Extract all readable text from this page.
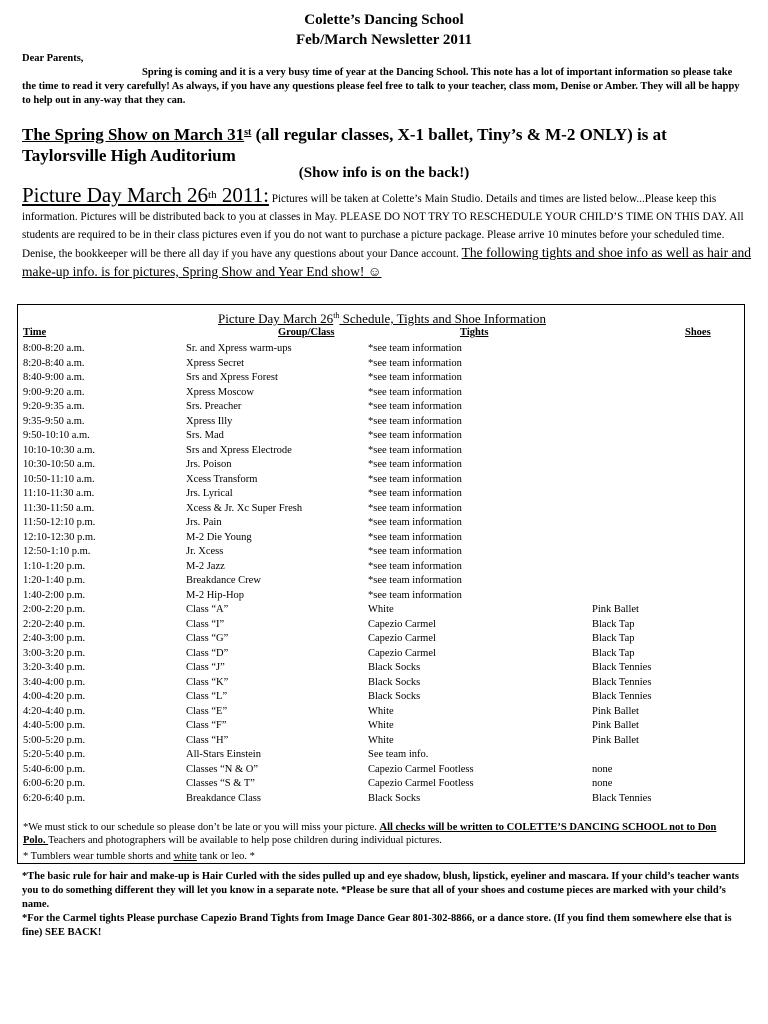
Colette’s Dancing School
Feb/March Newsletter 2011
Dear Parents,
Spring is coming and it is a very busy time of year at the Dancing School. This note has a lot of important information so please take the time to read it very carefully! As always, if you have any questions please feel free to talk to your teacher, class mom, Denise or Amber. They will all be happy to help out in any-way that they can.
The Spring Show on March 31st (all regular classes, X-1 ballet, Tiny’s & M-2 ONLY) is at Taylorsville High Auditorium
(Show info is on the back!)
Picture Day March 26th 2011: Pictures will be taken at Colette’s Main Studio. Details and times are listed below...Please keep this information. Pictures will be distributed back to you at classes in May. PLEASE DO NOT TRY TO RESCHEDULE YOUR CHILD’S TIME ON THIS DAY. All students are required to be in their class pictures even if you do not want to purchase a picture package. Please arrive 10 minutes before your scheduled time. Denise, the bookkeeper will be there all day if you have any questions about your Dance account. The following tights and shoe info as well as hair and make-up info. is for pictures, Spring Show and Year End show! ☺
Picture Day March 26th Schedule, Tights and Shoe Information
Time	Group/Class	Tights	Shoes
8:00-8:20 a.m.	Sr. and Xpress warm-ups	*see team information
8:20-8:40 a.m.	Xpress Secret	*see team information
8:40-9:00 a.m.	Srs and Xpress Forest	*see team information
9:00-9:20 a.m.	Xpress Moscow	*see team information
9:20-9:35 a.m.	Srs. Preacher	*see team information
9:35-9:50 a.m.	Xpress Illy	*see team information
9:50-10:10 a.m.	Srs. Mad	*see team information
10:10-10:30 a.m.	Srs and Xpress Electrode	*see team information
10:30-10:50 a.m.	Jrs. Poison	*see team information
10:50-11:10 a.m.	Xcess Transform	*see team information
11:10-11:30 a.m.	Jrs. Lyrical	*see team information
11:30-11:50 a.m.	Xcess & Jr. Xc Super Fresh	*see team information
11:50-12:10 p.m.	Jrs. Pain	*see team information
12:10-12:30 p.m.	M-2 Die Young	*see team information
12:50-1:10 p.m.	Jr. Xcess	*see team information
1:10-1:20 p.m.	M-2 Jazz	*see team information
1:20-1:40 p.m.	Breakdance Crew	*see team information
1:40-2:00 p.m.	M-2 Hip-Hop	*see team information
2:00-2:20 p.m.	Class “A”	White	Pink Ballet
2:20-2:40 p.m.	Class “I”	Capezio Carmel	Black Tap
2:40-3:00 p.m.	Class “G”	Capezio Carmel	Black Tap
3:00-3:20 p.m.	Class “D”	Capezio Carmel	Black Tap
3:20-3:40 p.m.	Class “J”	Black Socks	Black Tennies
3:40-4:00 p.m.	Class “K”	Black Socks	Black Tennies
4:00-4:20 p.m.	Class “L”	Black Socks	Black Tennies
4:20-4:40 p.m.	Class “E”	White	Pink Ballet
4:40-5:00 p.m.	Class “F”	White	Pink Ballet
5:00-5:20 p.m.	Class “H”	White	Pink Ballet
5:20-5:40 p.m.	All-Stars Einstein	See team info.
5:40-6:00 p.m.	Classes “N & O”	Capezio Carmel Footless	none
6:00-6:20 p.m.	Classes “S & T”	Capezio Carmel Footless	none
6:20-6:40 p.m.	Breakdance Class	Black Socks	Black Tennies
*We must stick to our schedule so please don’t be late or you will miss your picture. All checks will be written to COLETTE’S DANCING SCHOOL not to Don Polo. Teachers and photographers will be available to help pose children during individual pictures.
* Tumblers wear tumble shorts and white tank or leo. *
*The basic rule for hair and make-up is Hair Curled with the sides pulled up and eye shadow, blush, lipstick, eyeliner and mascara. If your child’s teacher wants you to do something different they will let you know in a separate note. *Please be sure that all of your shoes and costume pieces are marked with your child’s name.
*For the Carmel tights Please purchase Capezio Brand Tights from Image Dance Gear 801-302-8866, or a dance store. (If you find them somewhere else that is fine) SEE BACK!
